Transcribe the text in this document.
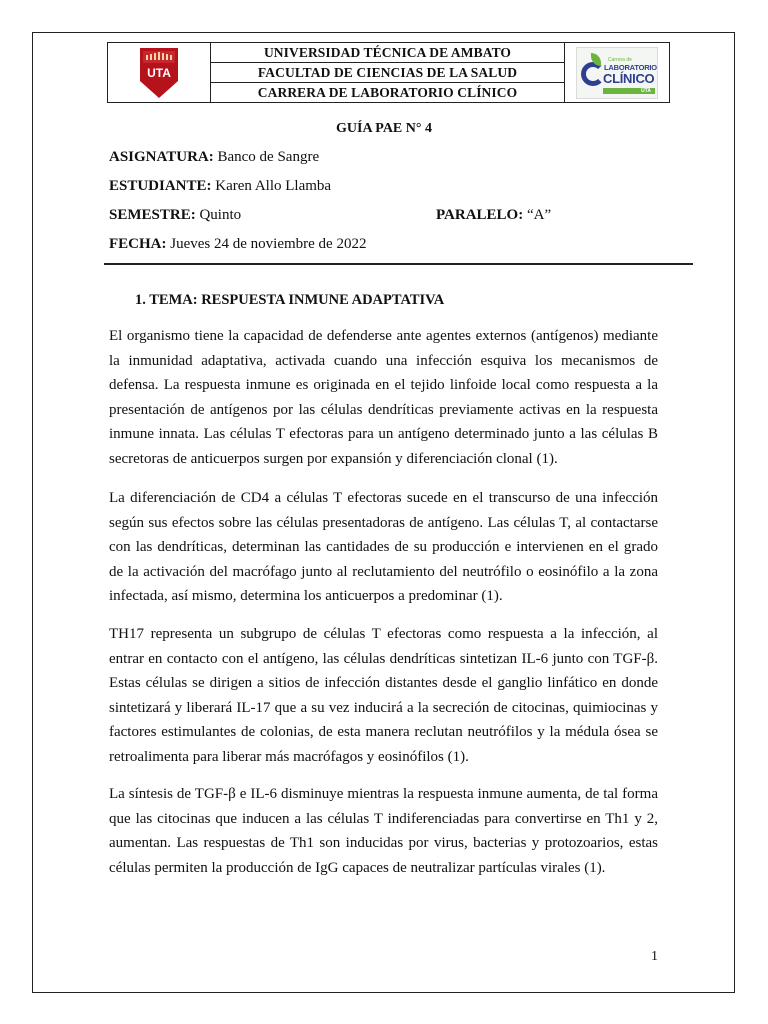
UTA
UNIVERSIDAD TÉCNICA DE AMBATO
FACULTAD DE CIENCIAS DE LA SALUD
CARRERA DE LABORATORIO CLÍNICO
Carrera de
LABORATORIO
CLÍNICO
UTA
GUÍA PAE N° 4
ASIGNATURA: Banco de Sangre
ESTUDIANTE: Karen Allo Llamba
SEMESTRE: Quinto	PARALELO: “A”
FECHA: Jueves 24 de noviembre de 2022
1. TEMA: RESPUESTA INMUNE ADAPTATIVA

El organismo tiene la capacidad de defenderse ante agentes externos (antígenos) mediante la inmunidad adaptativa, activada cuando una infección esquiva los mecanismos de defensa. La respuesta inmune es originada en el tejido linfoide local como respuesta a la presentación de antígenos por las células dendríticas previamente activas en la respuesta inmune innata. Las células T efectoras para un antígeno determinado junto a las células B secretoras de anticuerpos surgen por expansión y diferenciación clonal (1).

La diferenciación de CD4 a células T efectoras sucede en el transcurso de una infección según sus efectos sobre las células presentadoras de antígeno. Las células T, al contactarse con las dendríticas, determinan las cantidades de su producción e intervienen en el grado de la activación del macrófago junto al reclutamiento del neutrófilo o eosinófilo a la zona infectada, así mismo, determina los anticuerpos a predominar (1).

TH17 representa un subgrupo de células T efectoras como respuesta a la infección, al entrar en contacto con el antígeno, las células dendríticas sintetizan IL-6 junto con TGF-β. Estas células se dirigen a sitios de infección distantes desde el ganglio linfático en donde sintetizará y liberará IL-17 que a su vez inducirá a la secreción de citocinas, quimiocinas y factores estimulantes de colonias, de esta manera reclutan neutrófilos y la médula ósea se retroalimenta para liberar más macrófagos y eosinófilos (1).

La síntesis de TGF-β e IL-6 disminuye mientras la respuesta inmune aumenta, de tal forma que las citocinas que inducen a las células T indiferenciadas para convertirse en Th1 y 2, aumentan. Las respuestas de Th1 son inducidas por virus, bacterias y protozoarios, estas células permiten la producción de IgG capaces de neutralizar partículas virales (1).

1
